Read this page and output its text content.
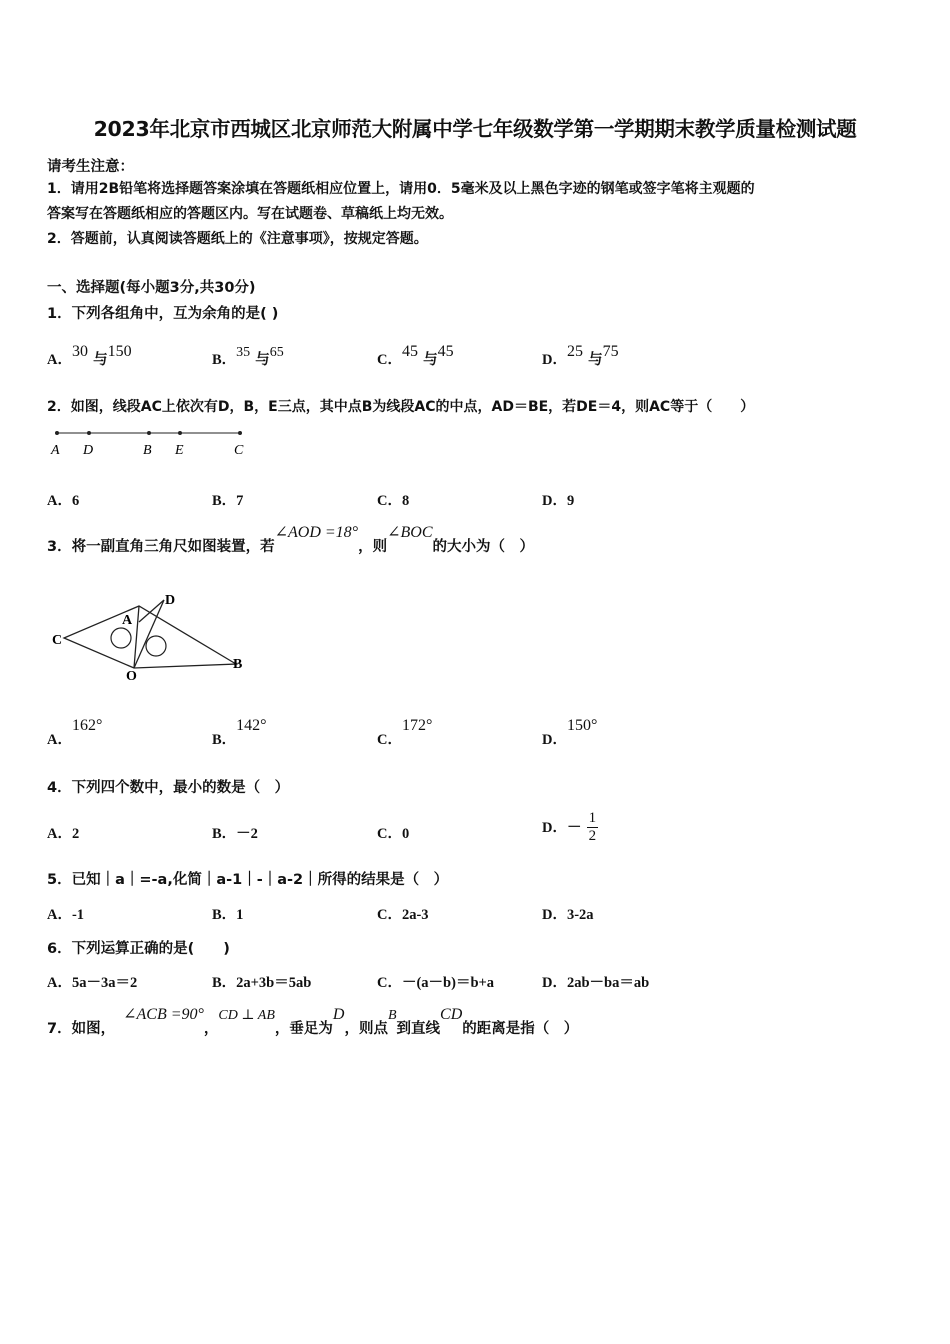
2023年北京市西城区北京师范大附属中学七年级数学第一学期期末教学质量检测试题
请考生注意：
1．请用2B铅笔将选择题答案涂填在答题纸相应位置上，请用0．5毫米及以上黑色字迹的钢笔或签字笔将主观题的
答案写在答题纸相应的答题区内。写在试题卷、草稿纸上均无效。
2．答题前，认真阅读答题纸上的《注意事项》，按规定答题。
一、选择题(每小题3分,共30分)
1．下列各组角中，互为余角的是( )
A．30 与150	B．35 与65	C．45 与45	D．25 与75
2．如图，线段AC上依次有D，B，E三点，其中点B为线段AC的中点，AD＝BE，若DE＝4，则AC等于（　　）
A D	B E	C
A．6	B．7	C．8	D．9
3．将一副直角三角尺如图装置，若∠AOD =18°，则∠BOC的大小为（　）
C
A
D
O
B
A．162°
B．142°
C．172°
D．150°
4．下列四个数中，最小的数是（　）
A．2	B．－2	C．0	D．－ $\frac{1}{2}$
5．已知｜a｜=-a,化简｜a-1｜-｜a-2｜所得的结果是（　）
A．-1	B．1	C．2a-3	D．3-2a
6．下列运算正确的是(　　)
A．5a－3a＝2	B．2a+3b＝5ab	C．－(a－b)＝b+a	D．2ab－ba＝ab
7．如图，∠ACB =90°，CD ⊥ AB，垂足为D，则点B到直线CD的距离是指（　）
